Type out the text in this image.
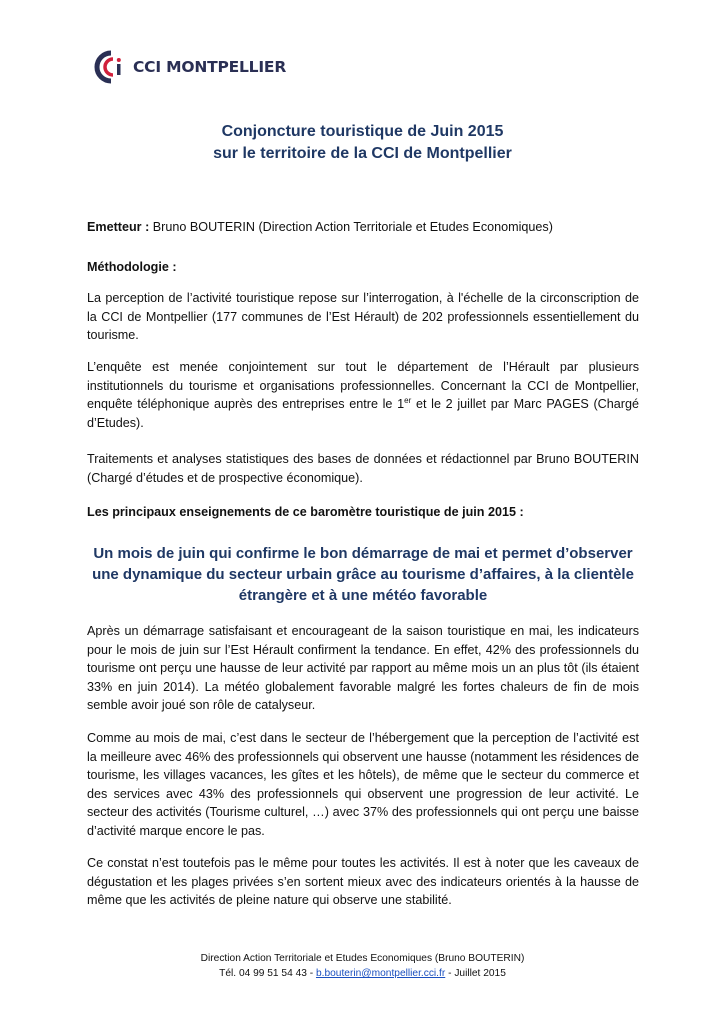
CCI MONTPELLIER
Conjoncture touristique de Juin 2015
sur le territoire de la CCI de Montpellier

Emetteur : Bruno BOUTERIN (Direction Action Territoriale et Etudes Economiques)

Méthodologie :

La perception de l’activité touristique repose sur l’interrogation, à l'échelle de la circonscription de la CCI de Montpellier (177 communes de l’Est Hérault) de 202 professionnels essentiellement du tourisme.

L’enquête est menée conjointement sur tout le département de l’Hérault par plusieurs institutionnels du tourisme et organisations professionnelles. Concernant la CCI de Montpellier, enquête téléphonique auprès des entreprises entre le 1er et le 2 juillet par Marc PAGES (Chargé d’Etudes).

Traitements et analyses statistiques des bases de données et rédactionnel par Bruno BOUTERIN (Chargé d’études et de prospective économique).

Les principaux enseignements de ce baromètre touristique de juin 2015 :

Un mois de juin qui confirme le bon démarrage de mai et permet d’observer une dynamique du secteur urbain grâce au tourisme d’affaires, à la clientèle étrangère et à une météo favorable

Après un démarrage satisfaisant et encourageant de la saison touristique en mai, les indicateurs pour le mois de juin sur l’Est Hérault confirment la tendance. En effet, 42% des professionnels du tourisme ont perçu une hausse de leur activité par rapport au même mois un an plus tôt (ils étaient 33% en juin 2014). La météo globalement favorable malgré les fortes chaleurs de fin de mois semble avoir joué son rôle de catalyseur.

Comme au mois de mai, c’est dans le secteur de l’hébergement que la perception de l’activité est la meilleure avec 46% des professionnels qui observent une hausse (notamment les résidences de tourisme, les villages vacances, les gîtes et les hôtels), de même que le secteur du commerce et des services avec 43% des professionnels qui observent une progression de leur activité. Le secteur des activités (Tourisme culturel, …) avec 37% des professionnels qui ont perçu une baisse d’activité marque encore le pas.

Ce constat n’est toutefois pas le même pour toutes les activités. Il est à noter que les caveaux de dégustation et les plages privées s’en sortent mieux avec des indicateurs orientés à la hausse de même que les activités de pleine nature qui observe une stabilité.

Direction Action Territoriale et Etudes Economiques (Bruno BOUTERIN)
Tél. 04 99 51 54 43 - b.bouterin@montpellier.cci.fr - Juillet 2015
